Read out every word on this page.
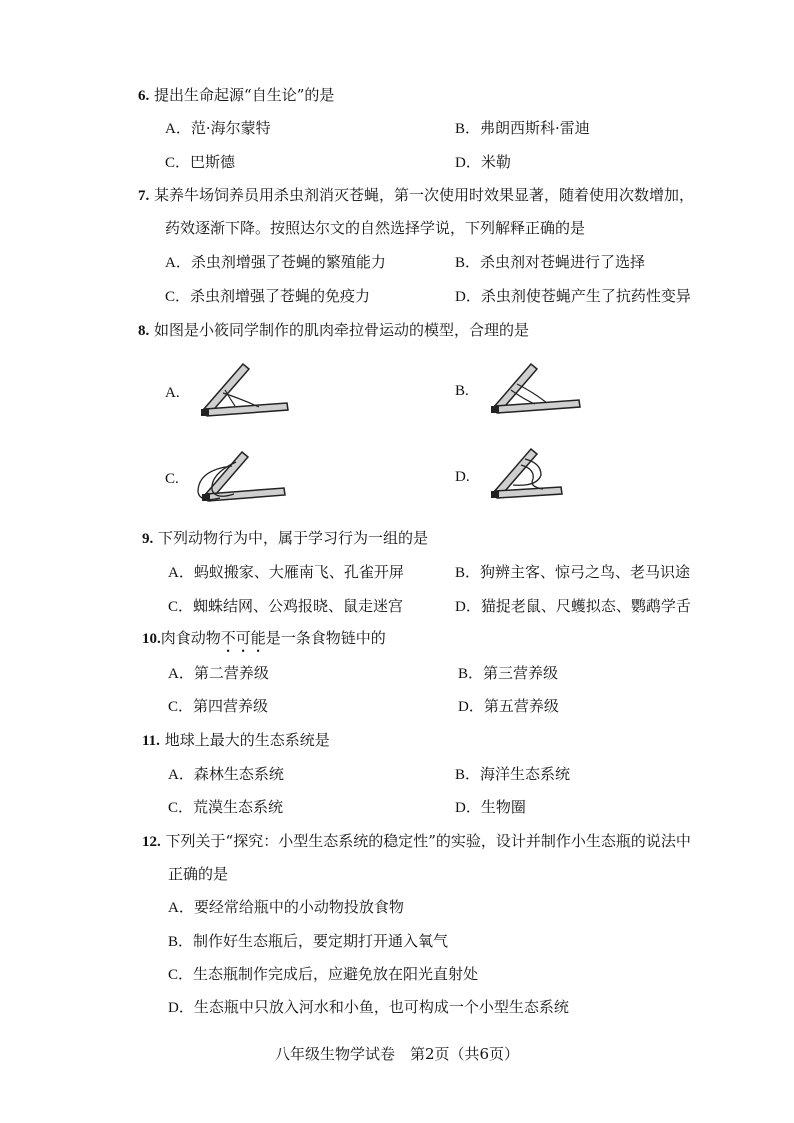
6. 提出生命起源“自生论”的是
A．范·海尔蒙特	B．弗朗西斯科·雷迪
C．巴斯德	D．米勒
7. 某养牛场饲养员用杀虫剂消灭苍蝇，第一次使用时效果显著，随着使用次数增加，
药效逐渐下降。按照达尔文的自然选择学说，下列解释正确的是
A．杀虫剂增强了苍蝇的繁殖能力	B．杀虫剂对苍蝇进行了选择
C．杀虫剂增强了苍蝇的免疫力	D．杀虫剂使苍蝇产生了抗药性变异
8. 如图是小筱同学制作的肌肉牵拉骨运动的模型，合理的是
A.	B.
C.	D.
9. 下列动物行为中，属于学习行为一组的是
A．蚂蚁搬家、大雁南飞、孔雀开屏	B．狗辨主客、惊弓之鸟、老马识途
C．蜘蛛结网、公鸡报晓、鼠走迷宫	D．猫捉老鼠、尺蠖拟态、鹦鹉学舌
10.肉食动物不可能是一条食物链中的
A．第二营养级	B．第三营养级
C．第四营养级	D．第五营养级
11. 地球上最大的生态系统是
A．森林生态系统	B．海洋生态系统
C．荒漠生态系统	D．生物圈
12. 下列关于“探究：小型生态系统的稳定性”的实验，设计并制作小生态瓶的说法中
正确的是
A．要经常给瓶中的小动物投放食物
B．制作好生态瓶后，要定期打开通入氧气
C．生态瓶制作完成后，应避免放在阳光直射处
D．生态瓶中只放入河水和小鱼，也可构成一个小型生态系统
八年级生物学试卷　第2页（共6页）
